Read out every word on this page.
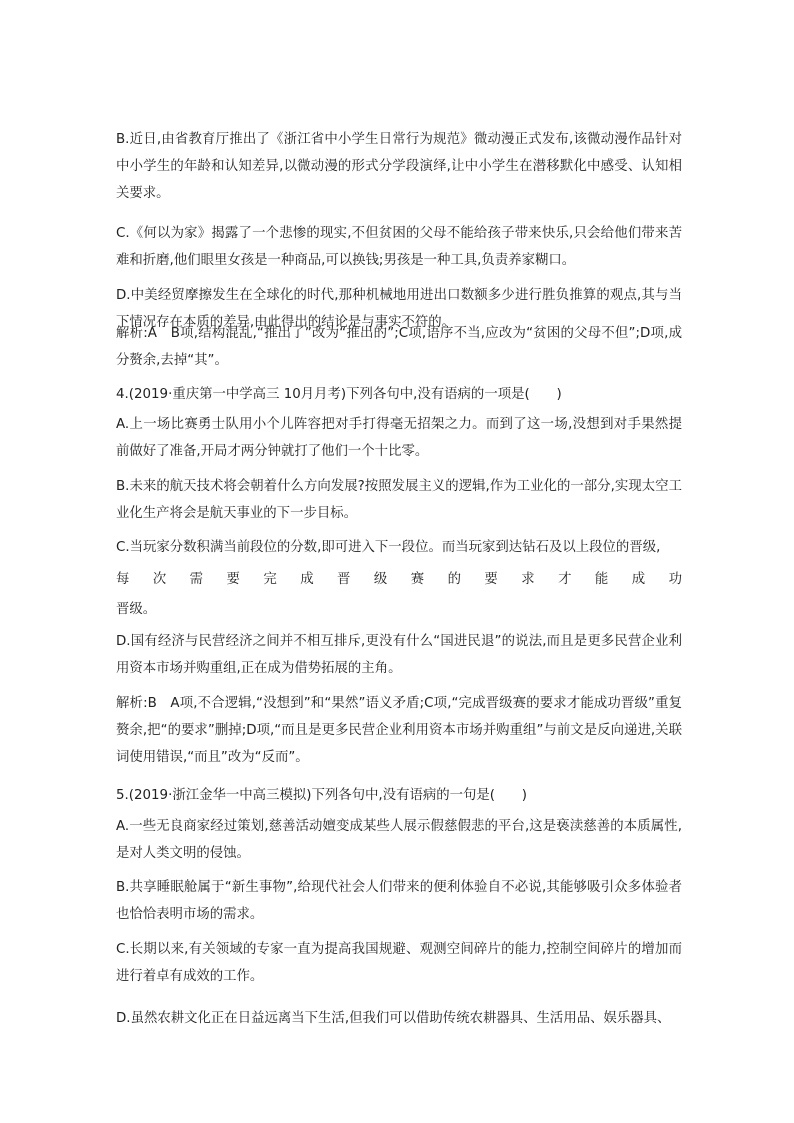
B.近日,由省教育厅推出了《浙江省中小学生日常行为规范》微动漫正式发布,该微动漫作品针对中小学生的年龄和认知差异,以微动漫的形式分学段演绎,让中小学生在潜移默化中感受、认知相关要求。

C.《何以为家》揭露了一个悲惨的现实,不但贫困的父母不能给孩子带来快乐,只会给他们带来苦难和折磨,他们眼里女孩是一种商品,可以换钱;男孩是一种工具,负责养家糊口。

D.中美经贸摩擦发生在全球化的时代,那种机械地用进出口数额多少进行胜负推算的观点,其与当下情况存在本质的差异,由此得出的结论是与事实不符的。

解析:A　B项,结构混乱,“推出了”改为“推出的”;C项,语序不当,应改为“贫困的父母不但”;D项,成分赘余,去掉“其”。

4.(2019·重庆第一中学高三 10月月考)下列各句中,没有语病的一项是(　　)

A.上一场比赛勇士队用小个儿阵容把对手打得毫无招架之力。而到了这一场,没想到对手果然提前做好了准备,开局才两分钟就打了他们一个十比零。

B.未来的航天技术将会朝着什么方向发展?按照发展主义的逻辑,作为工业化的一部分,实现太空工业化生产将会是航天事业的下一步目标。

C.当玩家分数积满当前段位的分数,即可进入下一段位。而当玩家到达钻石及以上段位的晋级,

每次需要完成晋级赛的要求才能成功

晋级。

D.国有经济与民营经济之间并不相互排斥,更没有什么“国进民退”的说法,而且是更多民营企业利用资本市场并购重组,正在成为借势拓展的主角。

解析:B　A项,不合逻辑,“没想到”和“果然”语义矛盾;C项,“完成晋级赛的要求才能成功晋级”重复赘余,把“的要求”删掉;D项,“而且是更多民营企业利用资本市场并购重组”与前文是反向递进,关联词使用错误,“而且”改为“反而”。

5.(2019·浙江金华一中高三模拟)下列各句中,没有语病的一句是(　　)

A.一些无良商家经过策划,慈善活动嬗变成某些人展示假慈假悲的平台,这是亵渎慈善的本质属性,是对人类文明的侵蚀。

B.共享睡眠舱属于“新生事物”,给现代社会人们带来的便利体验自不必说,其能够吸引众多体验者也恰恰表明市场的需求。

C.长期以来,有关领域的专家一直为提高我国规避、观测空间碎片的能力,控制空间碎片的增加而进行着卓有成效的工作。

D.虽然农耕文化正在日益远离当下生活,但我们可以借助传统农耕器具、生活用品、娱乐器具、
